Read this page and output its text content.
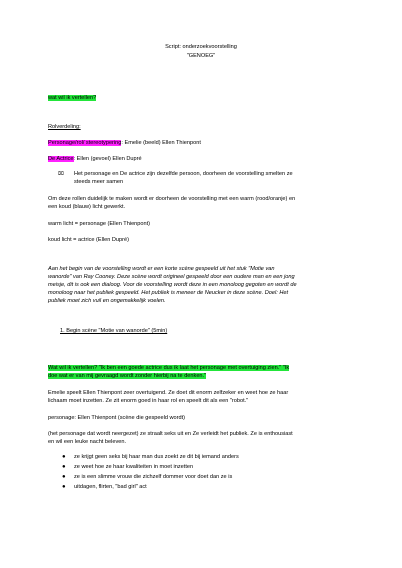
Script: onderzoekvoorstelling
"GENOEG"
wat wil ik vertellen?
Rolverdeling:
Personage/rol/ stereotypering: Emelie (beeld) Ellen Thienpont
De Actrice: Ellen (gevoel) Ellen Dupré
⌧ Het personage en De actrice zijn dezelfde persoon, doorheen de voorstelling smelten ze
steeds meer samen
Om deze rollen duidelijk te maken wordt er doorheen de voorstelling met een warm (rood/oranje) en
een koud (blauw) licht gewerkt.
warm licht = personage (Ellen Thienpont)
koud licht = actrice (Ellen Dupré)
Aan het begin van de voorstelling wordt er een korte scène gespeeld uit het stuk "Motie van
wanorde" van Ray Cooney. Deze scène wordt origineel gespeeld door een oudere man en een jong
meisje, dit is ook een dialoog. Voor de voorstelling wordt deze in een monoloog gegoten en wordt de
monoloog naar het publiek gespeeld. Het publiek is meneer de Neucker in deze scène. Doel: Het
publiek moet zich vuil en ongemakkelijk voelen.
1. Begin scène "Motie van wanorde" (5min)
Wat wil ik vertellen? "Ik ben een goede actrice dus ik laat het personage met overtuiging zien." "Ik
doe wat er van mij gevraagd wordt zonder hierbij na te denken."
Emelie speelt Ellen Thienpont zeer overtuigend. Ze doet dit enorm zelfzeker en weet hoe ze haar
lichaam moet inzetten. Ze zit enorm goed in haar rol en speelt dit als een "robot."
personage: Ellen Thienpont (scène die gespeeld wordt)
(het personage dat wordt neergezet) ze straalt seks uit en Ze verleidt het publiek. Ze is enthousiast
en wil een leuke nacht beleven.
● ze krijgt geen seks bij haar man dus zoekt ze dit bij iemand anders
● ze weet hoe ze haar kwaliteiten in moet inzetten
● ze is een slimme vrouw die zichzelf dommer voor doet dan ze is
● uitdagen, flirten, "bad girl" act
